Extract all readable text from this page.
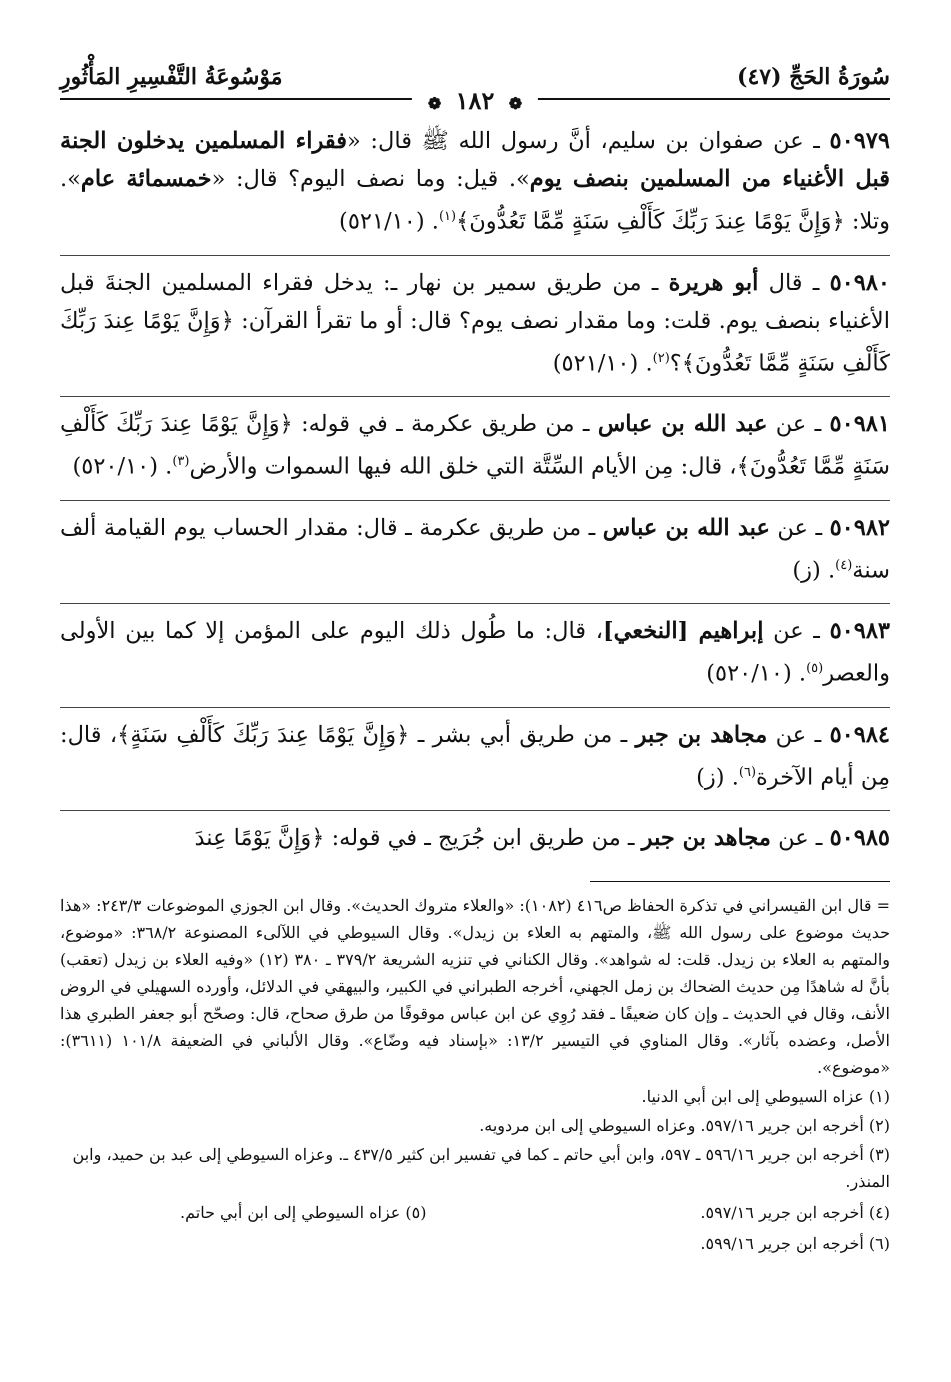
سُورَةُ الحَجِّ (٤٧)
مَوْسُوعَةُ التَّفْسِيرِ المَأْثُورِ
❁ ١٨٢ ❁

٥٠٩٧٩ ـ عن صفوان بن سليم، أنَّ رسول الله ﷺ قال: «فقراء المسلمين يدخلون الجنة قبل الأغنياء من المسلمين بنصف يوم». قيل: وما نصف اليوم؟ قال: «خمسمائة عام». وتلا: ﴿وَإِنَّ يَوْمًا عِندَ رَبِّكَ كَأَلْفِ سَنَةٍ مِّمَّا تَعُدُّونَ﴾$^{(١)}$. (٥٢١/١٠)

٥٠٩٨٠ ـ قال أبو هريرة ـ من طريق سمير بن نهار ـ: يدخل فقراء المسلمين الجنةَ قبل الأغنياء بنصف يوم. قلت: وما مقدار نصف يوم؟ قال: أو ما تقرأ القرآن: ﴿وَإِنَّ يَوْمًا عِندَ رَبِّكَ كَأَلْفِ سَنَةٍ مِّمَّا تَعُدُّونَ﴾؟$^{(٢)}$. (٥٢١/١٠)

٥٠٩٨١ ـ عن عبد الله بن عباس ـ من طريق عكرمة ـ في قوله: ﴿وَإِنَّ يَوْمًا عِندَ رَبِّكَ كَأَلْفِ سَنَةٍ مِّمَّا تَعُدُّونَ﴾، قال: مِن الأيام السِّتَّة التي خلق الله فيها السموات والأرض$^{(٣)}$. (٥٢٠/١٠)

٥٠٩٨٢ ـ عن عبد الله بن عباس ـ من طريق عكرمة ـ قال: مقدار الحساب يوم القيامة ألف سنة$^{(٤)}$. (ز)

٥٠٩٨٣ ـ عن إبراهيم [النخعي]، قال: ما طُول ذلك اليوم على المؤمن إلا كما بين الأولى والعصر$^{(٥)}$. (٥٢٠/١٠)

٥٠٩٨٤ ـ عن مجاهد بن جبر ـ من طريق أبي بشر ـ ﴿وَإِنَّ يَوْمًا عِندَ رَبِّكَ كَأَلْفِ سَنَةٍ﴾، قال: مِن أيام الآخرة$^{(٦)}$. (ز)

٥٠٩٨٥ ـ عن مجاهد بن جبر ـ من طريق ابن جُرَيج ـ في قوله: ﴿وَإِنَّ يَوْمًا عِندَ

= قال ابن القيسراني في تذكرة الحفاظ ص٤١٦ (١٠٨٢): «والعلاء متروك الحديث». وقال ابن الجوزي الموضوعات ٢٤٣/٣: «هذا حديث موضوع على رسول الله ﷺ، والمتهم به العلاء بن زيدل». وقال السيوطي في اللآلىء المصنوعة ٣٦٨/٢: «موضوع، والمتهم به العلاء بن زيدل. قلت: له شواهد». وقال الكناني في تنزيه الشريعة ٣٧٩/٢ ـ ٣٨٠ (١٢) «وفيه العلاء بن زيدل (تعقب) بأنَّ له شاهدًا مِن حديث الضحاك بن زمل الجهني، أخرجه الطبراني في الكبير، والبيهقي في الدلائل، وأورده السهيلي في الروض الأنف، وقال في الحديث ـ وإن كان ضعيفًا ـ فقد رُوِي عن ابن عباس موقوفًا من طرق صحاح، قال: وصحّح أبو جعفر الطبري هذا الأصل، وعضده بآثار». وقال المناوي في التيسير ١٣/٢: «بإسناد فيه وضّاع». وقال الألباني في الضعيفة ١٠١/٨ (٣٦١١): «موضوع».

(١) عزاه السيوطي إلى ابن أبي الدنيا.

(٢) أخرجه ابن جرير ٥٩٧/١٦. وعزاه السيوطي إلى ابن مردويه.

(٣) أخرجه ابن جرير ٥٩٦/١٦ ـ ٥٩٧، وابن أبي حاتم ـ كما في تفسير ابن كثير ٤٣٧/٥ ـ. وعزاه السيوطي إلى عبد بن حميد، وابن المنذر.

(٤) أخرجه ابن جرير ٥٩٧/١٦.

(٥) عزاه السيوطي إلى ابن أبي حاتم.

(٦) أخرجه ابن جرير ٥٩٩/١٦.
